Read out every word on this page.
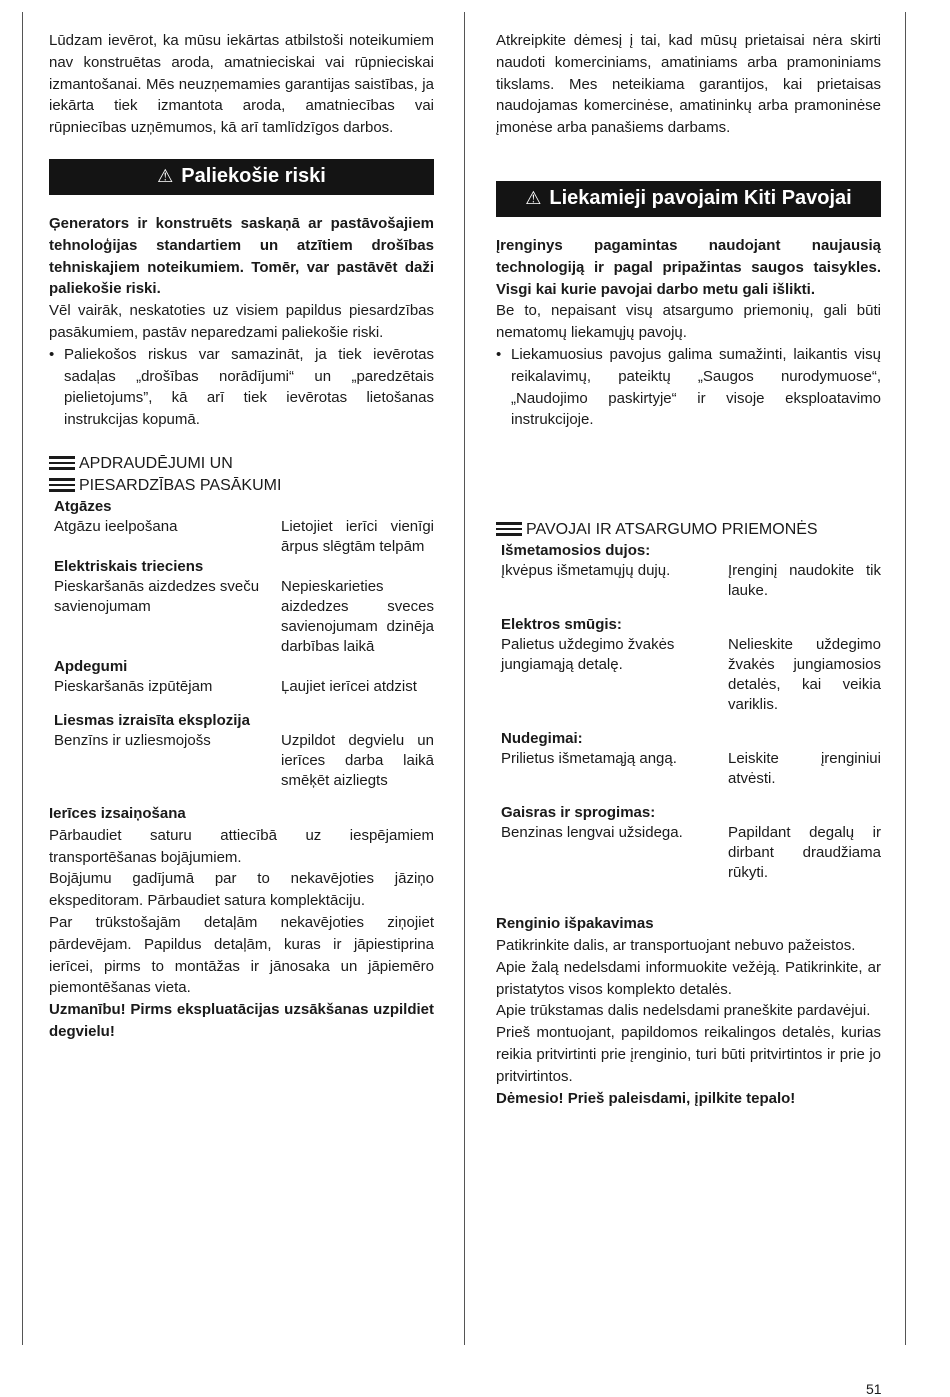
Lūdzam ievērot, ka mūsu iekārtas atbilstoši noteikumiem nav konstruētas aroda, amatnieciskai vai rūpnieciskai izmantošanai. Mēs neuzņemamies garantijas saistības, ja iekārta tiek izmantota aroda, amatniecības vai rūpniecības uzņēmumos, kā arī tamlīdzīgos darbos.

⚠ Paliekošie riski

Ģenerators ir konstruēts saskaņā ar pastāvošajiem tehnoloģijas standartiem un atzītiem drošības tehniskajiem noteikumiem. Tomēr, var pastāvēt daži paliekošie riski.

Vēl vairāk, neskatoties uz visiem papildus piesardzības pasākumiem, pastāv neparedzami paliekošie riski.

• Paliekošos riskus var samazināt, ja tiek ievērotas sadaļas „drošības norādījumi“ un „paredzētais pielietojums”, kā arī tiek ievērotas lietošanas instrukcijas kopumā.
APDRAUDĒJUMI UN
PIESARDZĪBAS PASĀKUMI
Atgāzes	
Atgāzu ieelpošana	Lietojiet ierīci vienīgi ārpus slēgtām telpām
Elektriskais trieciens	
Pieskaršanās aizdedzes sveču savienojumam	Nepieskarieties aizdedzes sveces savienojumam dzinēja darbības laikā
Apdegumi	
Pieskaršanās izpūtējam	Ļaujiet ierīcei atdzist

Liesmas izraisīta eksplozija	
Benzīns ir uzliesmojošs	Uzpildot degvielu un ierīces darba laikā smēķēt aizliegts

Ierīces izsaiņošana

Pārbaudiet saturu attiecībā uz iespējamiem transportēšanas bojājumiem.

Bojājumu gadījumā par to nekavējoties jāziņo ekspeditoram. Pārbaudiet satura komplektāciju.

Par trūkstošajām detaļām nekavējoties ziņojiet pārdevējam. Papildus detaļām, kuras ir jāpiestiprina ierīcei, pirms to montāžas ir jānosaka un jāpiemēro piemontēšanas vieta.

Uzmanību! Pirms ekspluatācijas uzsākšanas uzpildiet degvielu!

Atkreipkite dėmesį į tai, kad mūsų prietaisai nėra skirti naudoti komerciniams, amatiniams arba pramoniniams tikslams. Mes neteikiama garantijos, kai prietaisas naudojamas komercinėse, amatininkų arba pramoninėse įmonėse arba panašiems darbams.

⚠ Liekamieji pavojaim Kiti Pavojai

Įrenginys pagamintas naudojant naujausią technologiją ir pagal pripažintas saugos taisykles. Visgi kai kurie pavojai darbo metu gali išlikti.

Be to, nepaisant visų atsargumo priemonių, gali būti nematomų liekamųjų pavojų.

• Liekamuosius pavojus galima sumažinti, laikantis visų reikalavimų, pateiktų „Saugos nurodymuose“, „Naudojimo paskirtyje“ ir visoje eksploatavimo instrukcijoje.
PAVOJAI IR ATSARGUMO PRIEMONĖS
Išmetamosios dujos:	
Įkvėpus išmetamųjų dujų.	Įrenginį naudokite tik lauke.

Elektros smūgis:	
Palietus uždegimo žvakės jungiamąją detalę.	Nelieskite uždegimo žvakės jungiamosios detalės, kai veikia variklis.

Nudegimai:	
Prilietus išmetamąją angą.	Leiskite įrenginiui atvėsti.

Gaisras ir sprogimas:	
Benzinas lengvai užsidega.	Papildant degalų ir dirbant draudžiama rūkyti.

Renginio išpakavimas

Patikrinkite dalis, ar transportuojant nebuvo pažeistos.

Apie žalą nedelsdami informuokite vežėją. Patikrinkite, ar pristatytos visos komplekto detalės.

Apie trūkstamas dalis nedelsdami praneškite pardavėjui.

Prieš montuojant, papildomos reikalingos detalės, kurias reikia pritvirtinti prie įrenginio, turi būti pritvirtintos ir prie jo pritvirtintos.

Dėmesio! Prieš paleisdami, įpilkite tepalo!

51
